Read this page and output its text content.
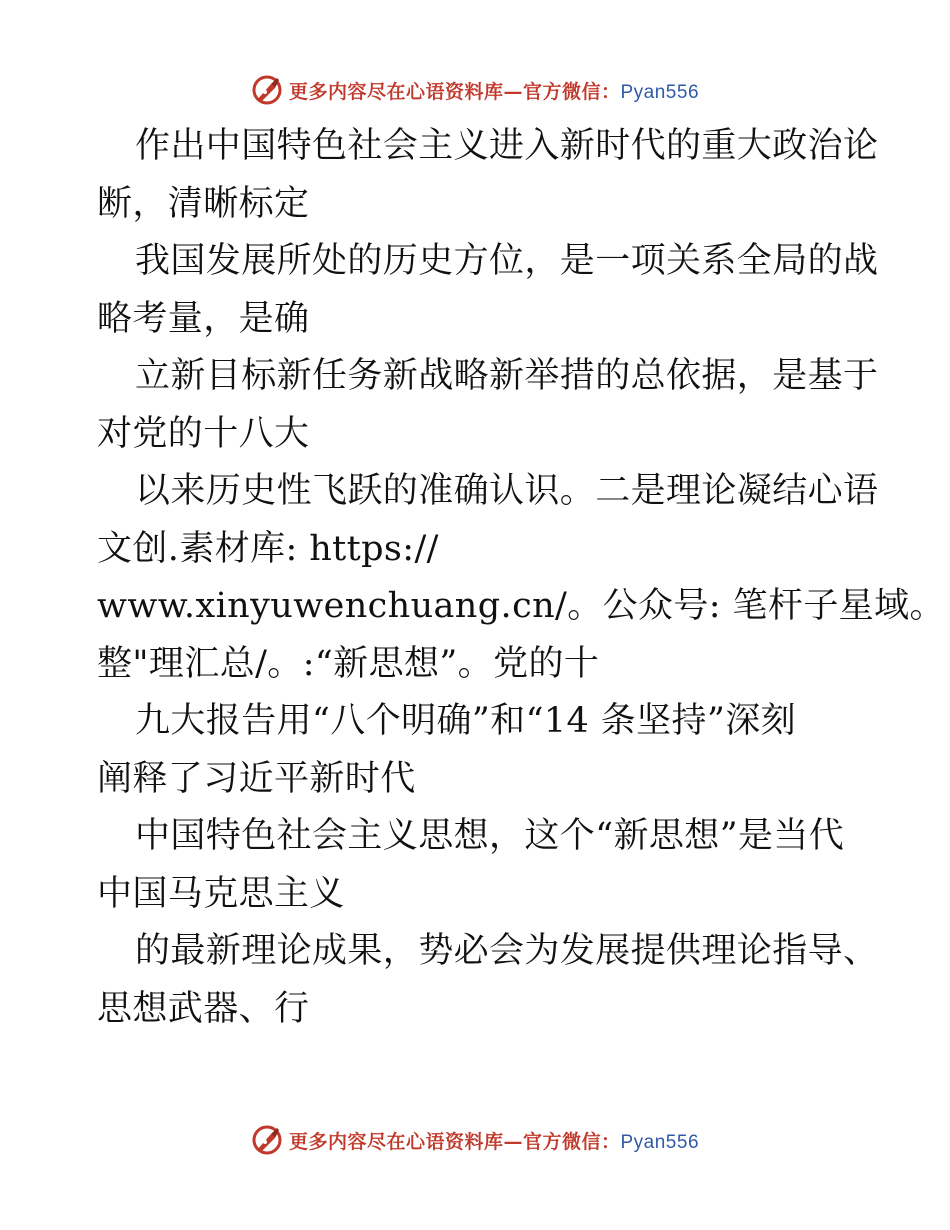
更多内容尽在心语资料库—官方微信：Pyan556
作出中国特色社会主义进入新时代的重大政治论
断，清晰标定
我国发展所处的历史方位，是一项关系全局的战
略考量，是确
立新目标新任务新战略新举措的总依据，是基于
对党的十八大
以来历史性飞跃的准确认识。二是理论凝结心语
文创.素材库: https://
www.xinyuwenchuang.cn/。公众号: 笔杆子星域。
整"理汇总/。:“新思想”。党的十
九大报告用“八个明确”和“14 条坚持”深刻
阐释了习近平新时代
中国特色社会主义思想，这个“新思想”是当代
中国马克思主义
的最新理论成果，势必会为发展提供理论指导、
思想武器、行
更多内容尽在心语资料库—官方微信：Pyan556
